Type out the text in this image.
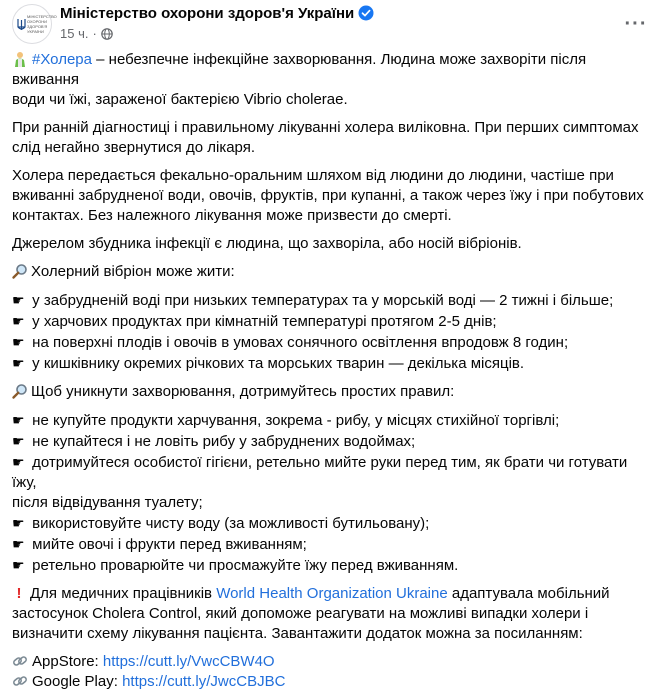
МІНІСТЕРСТВО ОХОРОНИ ЗДОРОВ'Я УКРАЇНИ
Міністерство охорони здоров'я України
15 ч. ·	···

#Холера – небезпечне інфекційне захворювання. Людина може захворіти після вживання
води чи їжі, зараженої бактерією Vibrio cholerae.

При ранній діагностиці і правильному лікуванні холера виліковна. При перших симптомах
слід негайно звернутися до лікаря.

Холера передається фекально-оральним шляхом від людини до людини, частіше при
вживанні забрудненої води, овочів, фруктів, при купанні, а також через їжу і при побутових
контактах. Без належного лікування може призвести до смерті.

Джерелом збудника інфекції є людина, що захворіла, або носій вібріонів.

Холерний вібріон може жити:

☛ у забрудненій воді при низьких температурах та у морській воді — 2 тижні і більше;
☛ у харчових продуктах при кімнатній температурі протягом 2-5 днів;
☛ на поверхні плодів і овочів в умовах сонячного освітлення впродовж 8 годин;
☛ у кишківнику окремих річкових та морських тварин — декілька місяців.

Щоб уникнути захворювання, дотримуйтесь простих правил:

☛ не купуйте продукти харчування, зокрема - рибу, у місцях стихійної торгівлі;
☛ не купайтеся і не ловіть рибу у забруднених водоймах;
☛ дотримуйтеся особистої гігієни, ретельно мийте руки перед тим, як брати чи готувати їжу,
після відвідування туалету;
☛ використовуйте чисту воду (за можливості бутильовану);
☛ мийте овочі і фрукти перед вживанням;
☛ ретельно проварюйте чи просмажуйте їжу перед вживанням.

! Для медичних працівників World Health Organization Ukraine адаптувала мобільний
застосунок Cholera Control, який допоможе реагувати на можливі випадки холери і
визначити схему лікування пацієнта. Завантажити додаток можна за посиланням:

AppStore: https://cutt.ly/VwcCBW4O
Google Play: https://cutt.ly/JwcCBJBC
